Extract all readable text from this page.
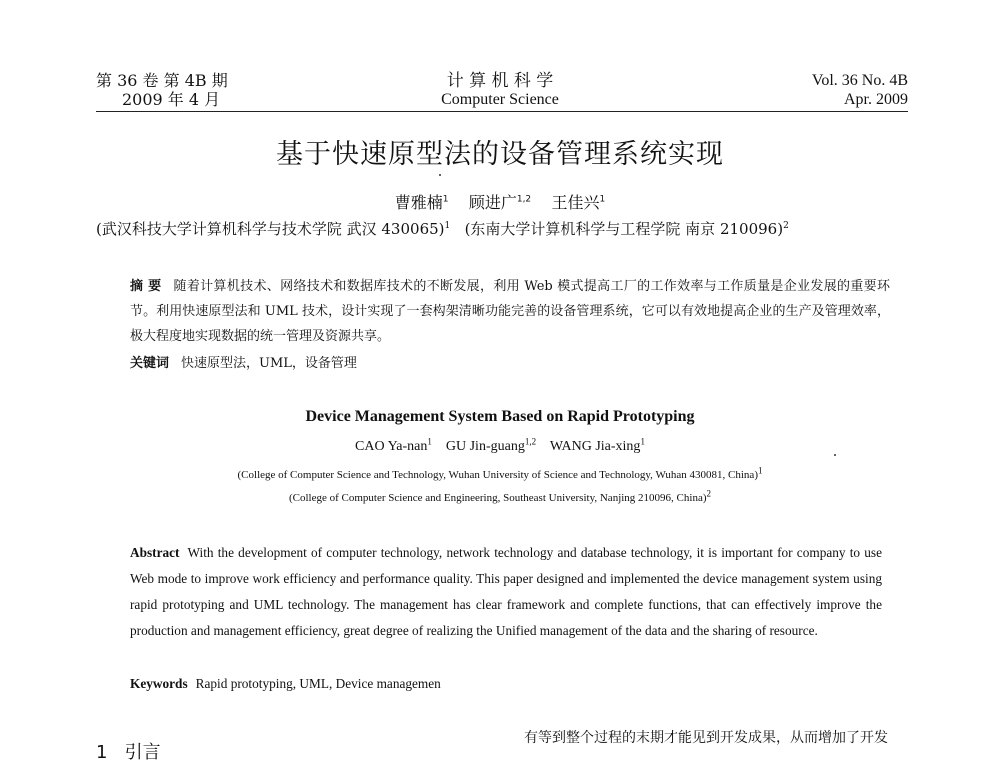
第 36 卷 第 4B 期
2009 年 4 月
计 算 机 科 学
Computer Science
Vol. 36 No. 4B
Apr. 2009
基于快速原型法的设备管理系统实现
曹雅楠$^1$ 顾进广$^{1,2}$ 王佳兴$^1$
(武汉科技大学计算机科学与技术学院 武汉 430065)$^1$ (东南大学计算机科学与工程学院 南京 210096)$^2$
摘 要 随着计算机技术、网络技术和数据库技术的不断发展，利用 Web 模式提高工厂的工作效率与工作质量是企业发展的重要环节。利用快速原型法和 UML 技术，设计实现了一套构架清晰功能完善的设备管理系统，它可以有效地提高企业的生产及管理效率，极大程度地实现数据的统一管理及资源共享。
关键词 快速原型法，UML，设备管理
Device Management System Based on Rapid Prototyping
CAO Ya-nan$^1$ GU Jin-guang$^{1,2}$ WANG Jia-xing$^1$
(College of Computer Science and Technology, Wuhan University of Science and Technology, Wuhan 430081, China)$^1$
(College of Computer Science and Engineering, Southeast University, Nanjing 210096, China)$^2$
Abstract With the development of computer technology, network technology and database technology, it is important for company to use Web mode to improve work efficiency and performance quality. This paper designed and implemented the device management system using rapid prototyping and UML technology. The management has clear framework and complete functions, that can effectively improve the production and management efficiency, great degree of realizing the Unified management of the data and the sharing of resource.
Keywords Rapid prototyping, UML, Device managemen
1 引言
有等到整个过程的末期才能见到开发成果，从而增加了开发
